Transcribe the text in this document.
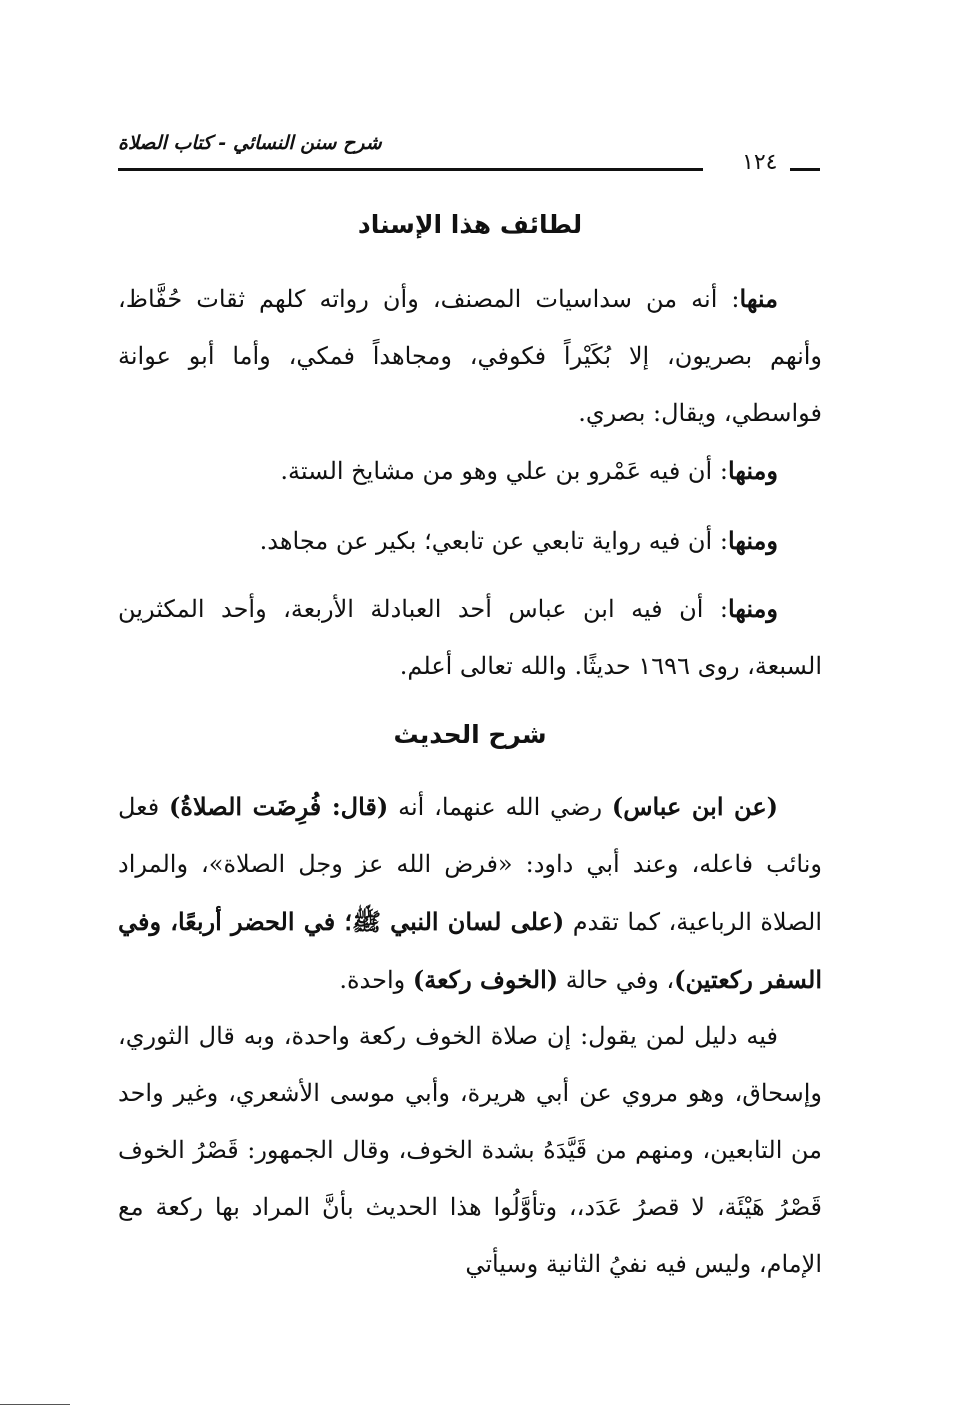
شرح سنن النسائي - كتاب الصلاة
١٢٤
لطائف هذا الإسناد
منها: أنه من سداسيات المصنف، وأن رواته كلهم ثقات حُفَّاظ، وأنهم بصريون، إلا بُكَيْراً فكوفي، ومجاهداً فمكي، وأما أبو عوانة فواسطي، ويقال: بصري.
ومنها: أن فيه عَمْرو بن علي وهو من مشايخ الستة.
ومنها: أن فيه رواية تابعي عن تابعي؛ بكير عن مجاهد.
ومنها: أن فيه ابن عباس أحد العبادلة الأربعة، وأحد المكثرين السبعة، روى ١٦٩٦ حديثًا. والله تعالى أعلم.
شرح الحديث
(عن ابن عباس) رضي الله عنهما، أنه (قال: فُرِضَت الصلاةُ) فعل ونائب فاعله، وعند أبي داود: «فرض الله عز وجل الصلاة»، والمراد الصلاة الرباعية، كما تقدم (على لسان النبي ﷺ؛ في الحضر أربعًا، وفي السفر ركعتين)، وفي حالة (الخوف ركعة) واحدة.
فيه دليل لمن يقول: إن صلاة الخوف ركعة واحدة، وبه قال الثوري، وإسحاق، وهو مروي عن أبي هريرة، وأبي موسى الأشعري، وغير واحد من التابعين، ومنهم من قَيَّدَهُ بشدة الخوف، وقال الجمهور: قَصْرُ الخوف قَصْرُ هَيْئَة، لا قصرُ عَدَد،، وتأوَّلُوا هذا الحديث بأنَّ المراد بها ركعة مع الإمام، وليس فيه نفيُ الثانية وسيأتي
